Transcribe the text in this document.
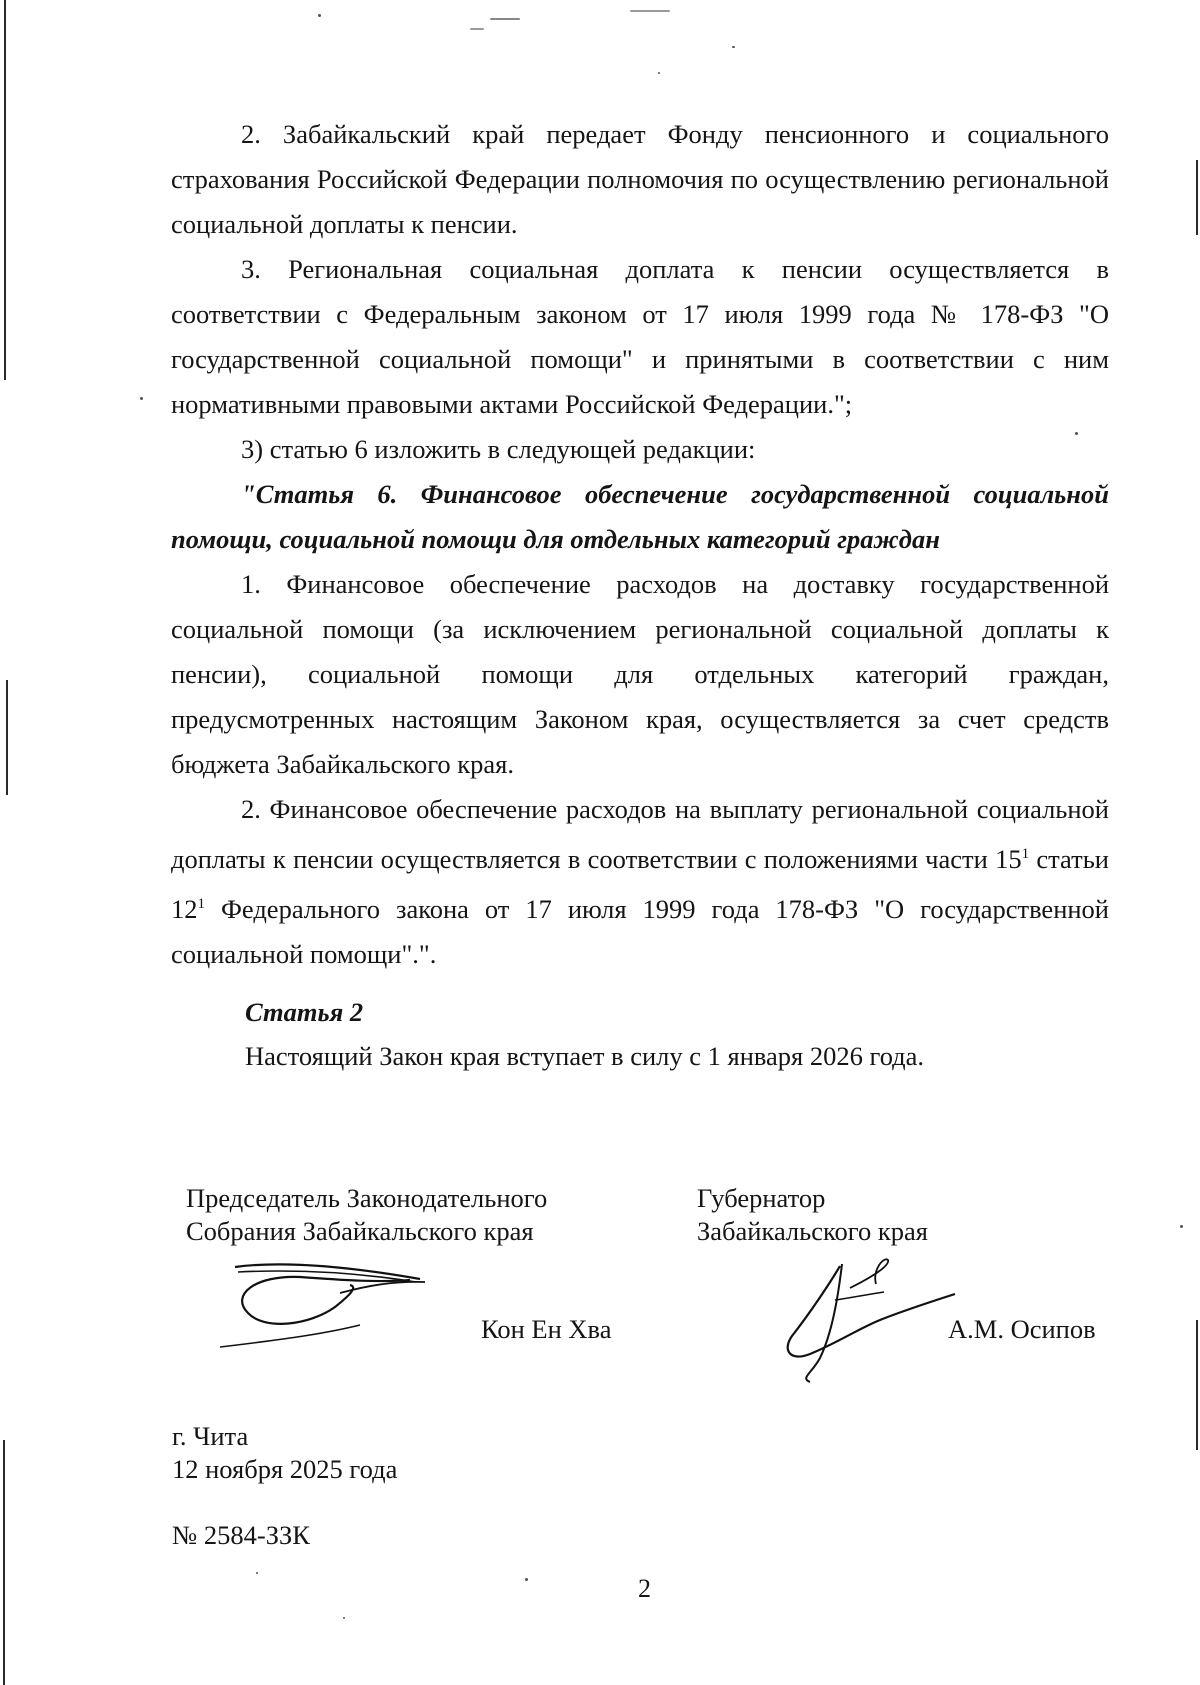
2. Забайкальский край передает Фонду пенсионного и социального страхования Российской Федерации полномочия по осуществлению региональной социальной доплаты к пенсии.

3. Региональная социальная доплата к пенсии осуществляется в соответствии с Федеральным законом от 17 июля 1999 года № 178-ФЗ "О государственной социальной помощи" и принятыми в соответствии с ним нормативными правовыми актами Российской Федерации.";

3) статью 6 изложить в следующей редакции:

"Статья 6. Финансовое обеспечение государственной социальной помощи, социальной помощи для отдельных категорий граждан

1. Финансовое обеспечение расходов на доставку государственной социальной помощи (за исключением региональной социальной доплаты к пенсии), социальной помощи для отдельных категорий граждан, предусмотренных настоящим Законом края, осуществляется за счет средств бюджета Забайкальского края.

2. Финансовое обеспечение расходов на выплату региональной социальной доплаты к пенсии осуществляется в соответствии с положениями части $15^1$ статьи $12^1$ Федерального закона от 17 июля 1999 года 178-ФЗ "О государственной социальной помощи".".

Статья 2
Настоящий Закон края вступает в силу с 1 января 2026 года.
Председатель Законодательного
Собрания Забайкальского края
Губернатор
Забайкальского края
Кон Ен Хва	А.М. Осипов
г. Чита
12 ноября 2025 года
№ 2584-ЗЗК
2
